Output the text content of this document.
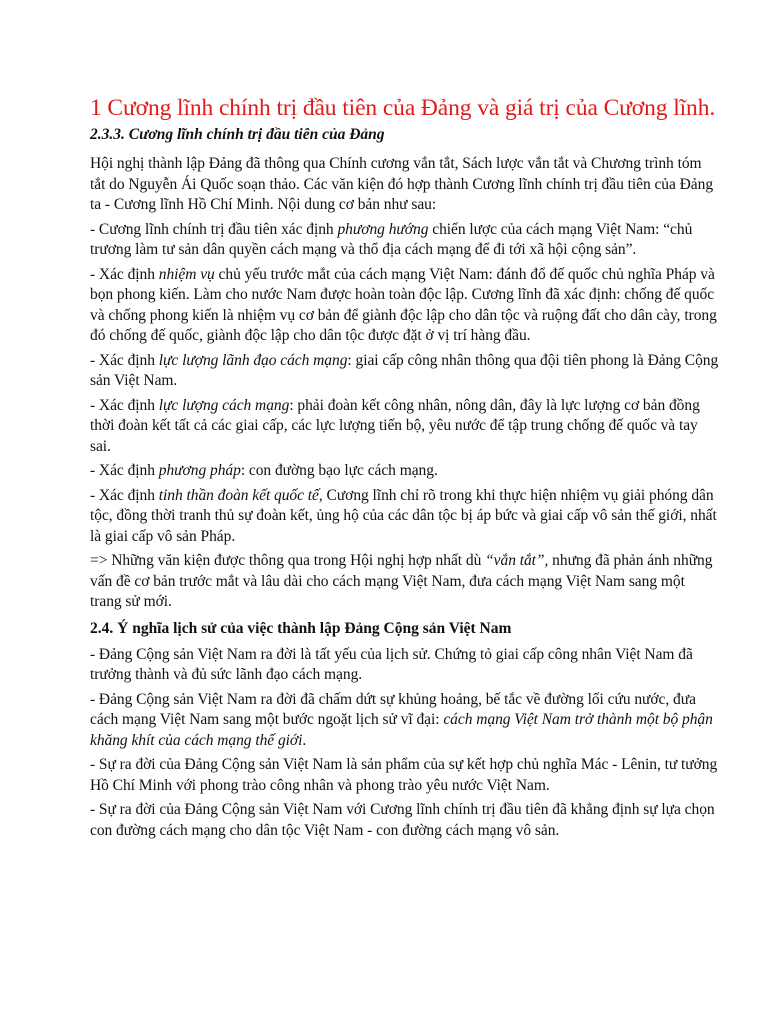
1 Cương lĩnh chính trị đầu tiên của Đảng và giá trị của Cương lĩnh.
2.3.3. Cương lĩnh chính trị đầu tiên của Đảng

Hội nghị thành lập Đảng đã thông qua Chính cương vắn tắt, Sách lược vắn tắt và Chương trình tóm tắt do Nguyễn Ái Quốc soạn thảo. Các văn kiện đó hợp thành Cương lĩnh chính trị đầu tiên của Đảng ta - Cương lĩnh Hồ Chí Minh. Nội dung cơ bản như sau:

- Cương lĩnh chính trị đầu tiên xác định phương hướng chiến lược của cách mạng Việt Nam: “chủ trương làm tư sản dân quyền cách mạng và thổ địa cách mạng để đi tới xã hội cộng sản”.

- Xác định nhiệm vụ chủ yếu trước mắt của cách mạng Việt Nam: đánh đổ đế quốc chủ nghĩa Pháp và bọn phong kiến. Làm cho nước Nam được hoàn toàn độc lập. Cương lĩnh đã xác định: chống đế quốc và chống phong kiến là nhiệm vụ cơ bản để giành độc lập cho dân tộc và ruộng đất cho dân cày, trong đó chống đế quốc, giành độc lập cho dân tộc được đặt ở vị trí hàng đầu.

- Xác định lực lượng lãnh đạo cách mạng: giai cấp công nhân thông qua đội tiên phong là Đảng Cộng sản Việt Nam.

- Xác định lực lượng cách mạng: phải đoàn kết công nhân, nông dân, đây là lực lượng cơ bản đồng thời đoàn kết tất cả các giai cấp, các lực lượng tiến bộ, yêu nước để tập trung chống đế quốc và tay sai.

- Xác định phương pháp: con đường bạo lực cách mạng.

- Xác định tinh thần đoàn kết quốc tế, Cương lĩnh chỉ rõ trong khi thực hiện nhiệm vụ giải phóng dân tộc, đồng thời tranh thủ sự đoàn kết, ủng hộ của các dân tộc bị áp bức và giai cấp vô sản thế giới, nhất là giai cấp vô sản Pháp.

=> Những văn kiện được thông qua trong Hội nghị hợp nhất dù “vắn tắt”, nhưng đã phản ánh những vấn đề cơ bản trước mắt và lâu dài cho cách mạng Việt Nam, đưa cách mạng Việt Nam sang một trang sử mới.

2.4. Ý nghĩa lịch sử của việc thành lập Đảng Cộng sản Việt Nam

- Đảng Cộng sản Việt Nam ra đời là tất yếu của lịch sử. Chứng tỏ giai cấp công nhân Việt Nam đã trưởng thành và đủ sức lãnh đạo cách mạng.

- Đảng Cộng sản Việt Nam ra đời đã chấm dứt sự khủng hoảng, bế tắc về đường lối cứu nước, đưa cách mạng Việt Nam sang một bước ngoặt lịch sử vĩ đại: cách mạng Việt Nam trở thành một bộ phận khăng khít của cách mạng thế giới.

- Sự ra đời của Đảng Cộng sản Việt Nam là sản phẩm của sự kết hợp chủ nghĩa Mác - Lênin, tư tưởng Hồ Chí Minh với phong trào công nhân và phong trào yêu nước Việt Nam.

- Sự ra đời của Đảng Cộng sản Việt Nam với Cương lĩnh chính trị đầu tiên đã khẳng định sự lựa chọn con đường cách mạng cho dân tộc Việt Nam - con đường cách mạng vô sản.
